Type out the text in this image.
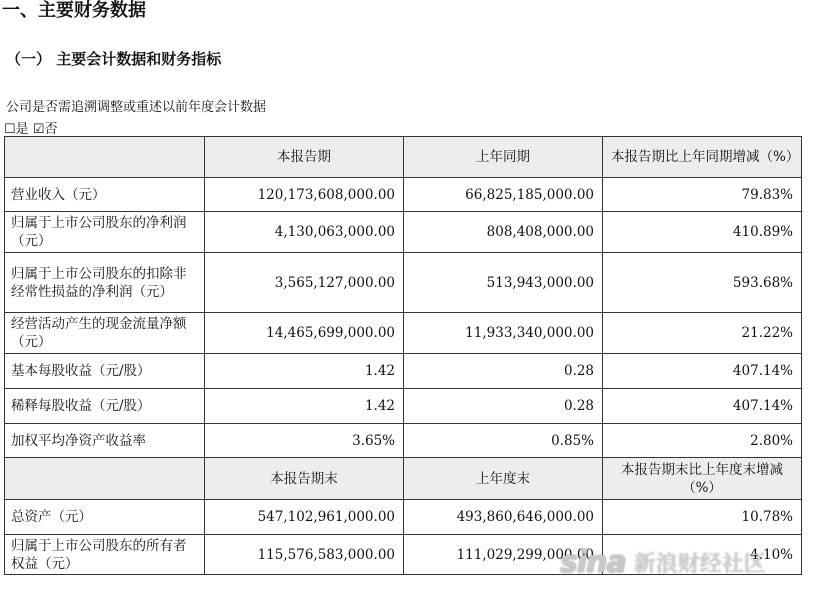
一、主要财务数据
（一） 主要会计数据和财务指标
公司是否需追溯调整或重述以前年度会计数据
☐是 ☑否
	本报告期	上年同期	本报告期比上年同期增减（%）
营业收入（元）	120,173,608,000.00	66,825,185,000.00	79.83%
归属于上市公司股东的净利润（元）	4,130,063,000.00	808,408,000.00	410.89%
归属于上市公司股东的扣除非经常性损益的净利润（元）	3,565,127,000.00	513,943,000.00	593.68%
经营活动产生的现金流量净额（元）	14,465,699,000.00	11,933,340,000.00	21.22%
基本每股收益（元/股）	1.42	0.28	407.14%
稀释每股收益（元/股）	1.42	0.28	407.14%
加权平均净资产收益率	3.65%	0.85%	2.80%
	本报告期末	上年度末	本报告期末比上年度末增减（%）
总资产（元）	547,102,961,000.00	493,860,646,000.00	10.78%
归属于上市公司股东的所有者权益（元）	115,576,583,000.00	111,029,299,000.00	4.10%
sina 新浪财经社区
